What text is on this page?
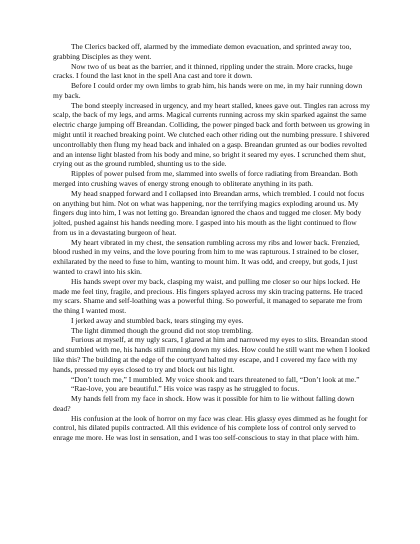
The Clerics backed off, alarmed by the immediate demon evacuation, and sprinted away too, grabbing Disciples as they went.

Now two of us beat as the barrier, and it thinned, rippling under the strain. More cracks, huge cracks. I found the last knot in the spell Ana cast and tore it down.

Before I could order my own limbs to grab him, his hands were on me, in my hair running down my back.

The bond steeply increased in urgency, and my heart stalled, knees gave out. Tingles ran across my scalp, the back of my legs, and arms. Magical currents running across my skin sparked against the same electric charge jumping off Breandan. Colliding, the power pinged back and forth between us growing in might until it reached breaking point. We clutched each other riding out the numbing pressure. I shivered uncontrollably then flung my head back and inhaled on a gasp. Breandan grunted as our bodies revolted and an intense light blasted from his body and mine, so bright it seared my eyes. I scrunched them shut, crying out as the ground rumbled, shunting us to the side.

Ripples of power pulsed from me, slammed into swells of force radiating from Breandan. Both merged into crushing waves of energy strong enough to obliterate anything in its path.

My head snapped forward and I collapsed into Breandan arms, which trembled. I could not focus on anything but him. Not on what was happening, nor the terrifying magics exploding around us. My fingers dug into him, I was not letting go. Breandan ignored the chaos and tugged me closer. My body jolted, pushed against his hands needing more. I gasped into his mouth as the light continued to flow from us in a devastating burgeon of heat.

My heart vibrated in my chest, the sensation rumbling across my ribs and lower back. Frenzied, blood rushed in my veins, and the love pouring from him to me was rapturous. I strained to be closer, exhilarated by the need to fuse to him, wanting to mount him. It was odd, and creepy, but gods, I just wanted to crawl into his skin.

His hands swept over my back, clasping my waist, and pulling me closer so our hips locked. He made me feel tiny, fragile, and precious. His fingers splayed across my skin tracing patterns. He traced my scars. Shame and self-loathing was a powerful thing. So powerful, it managed to separate me from the thing I wanted most.

I jerked away and stumbled back, tears stinging my eyes.

The light dimmed though the ground did not stop trembling.

Furious at myself, at my ugly scars, I glared at him and narrowed my eyes to slits. Breandan stood and stumbled with me, his hands still running down my sides. How could he still want me when I looked like this? The building at the edge of the courtyard halted my escape, and I covered my face with my hands, pressed my eyes closed to try and block out his light.

“Don’t touch me,” I mumbled. My voice shook and tears threatened to fall, “Don’t look at me.”

“Rae-love, you are beautiful.” His voice was raspy as he struggled to focus.

My hands fell from my face in shock. How was it possible for him to lie without falling down dead?

His confusion at the look of horror on my face was clear. His glassy eyes dimmed as he fought for control, his dilated pupils contracted. All this evidence of his complete loss of control only served to enrage me more. He was lost in sensation, and I was too self-conscious to stay in that place with him.
